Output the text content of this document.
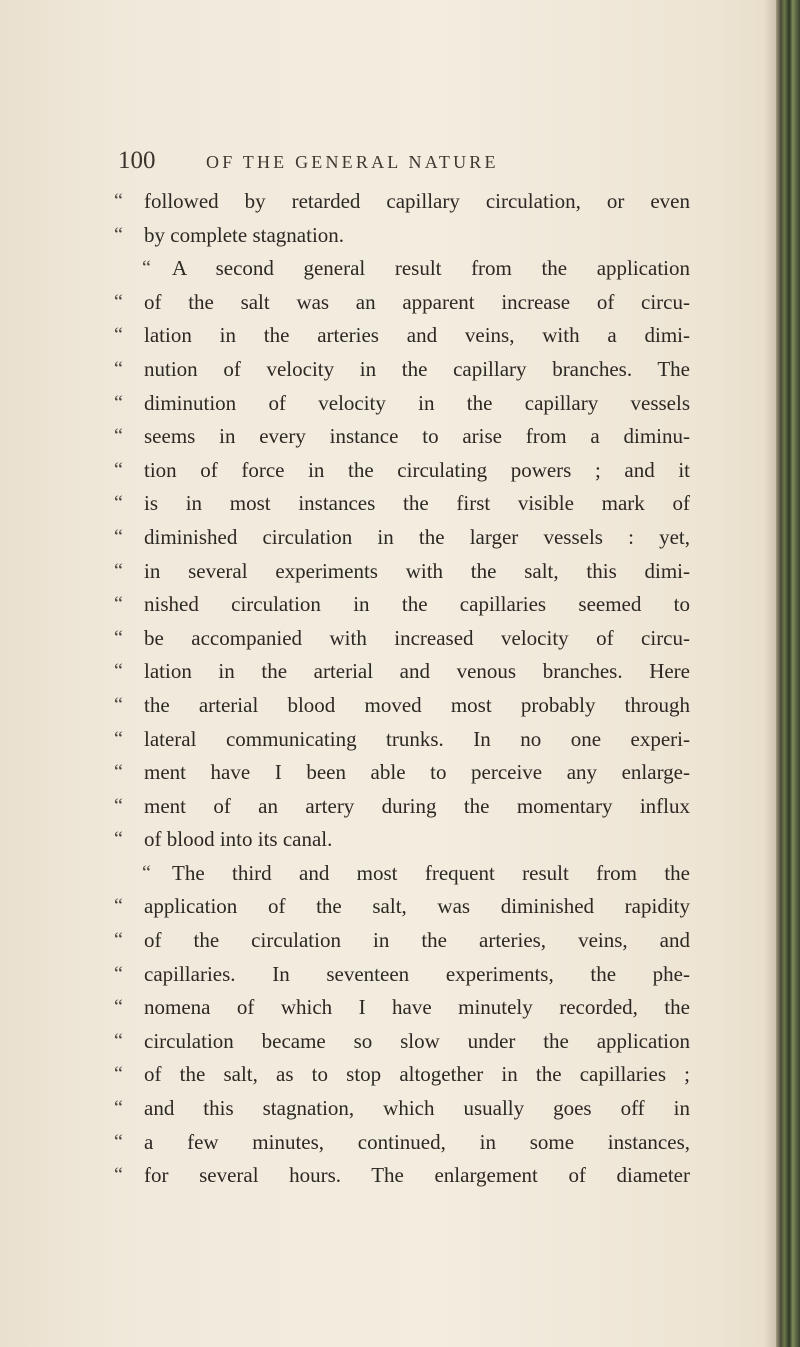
100	OF THE GENERAL NATURE
“	followed by retarded capillary circulation, or even
“	by complete stagnation.
“	A second general result from the application
“	of the salt was an apparent increase of circu-
“	lation in the arteries and veins, with a dimi-
“	nution of velocity in the capillary branches. The
“	diminution of velocity in the capillary vessels
“	seems in every instance to arise from a diminu-
“	tion of force in the circulating powers ; and it
“	is in most instances the first visible mark of
“	diminished circulation in the larger vessels : yet,
“	in several experiments with the salt, this dimi-
“	nished circulation in the capillaries seemed to
“	be accompanied with increased velocity of circu-
“	lation in the arterial and venous branches. Here
“	the arterial blood moved most probably through
“	lateral communicating trunks. In no one experi-
“	ment have I been able to perceive any enlarge-
“	ment of an artery during the momentary influx
“	of blood into its canal.
“	The third and most frequent result from the
“	application of the salt, was diminished rapidity
“	of the circulation in the arteries, veins, and
“	capillaries. In seventeen experiments, the phe-
“	nomena of which I have minutely recorded, the
“	circulation became so slow under the application
“	of the salt, as to stop altogether in the capillaries ;
“	and this stagnation, which usually goes off in
“	a few minutes, continued, in some instances,
“	for several hours. The enlargement of diameter
